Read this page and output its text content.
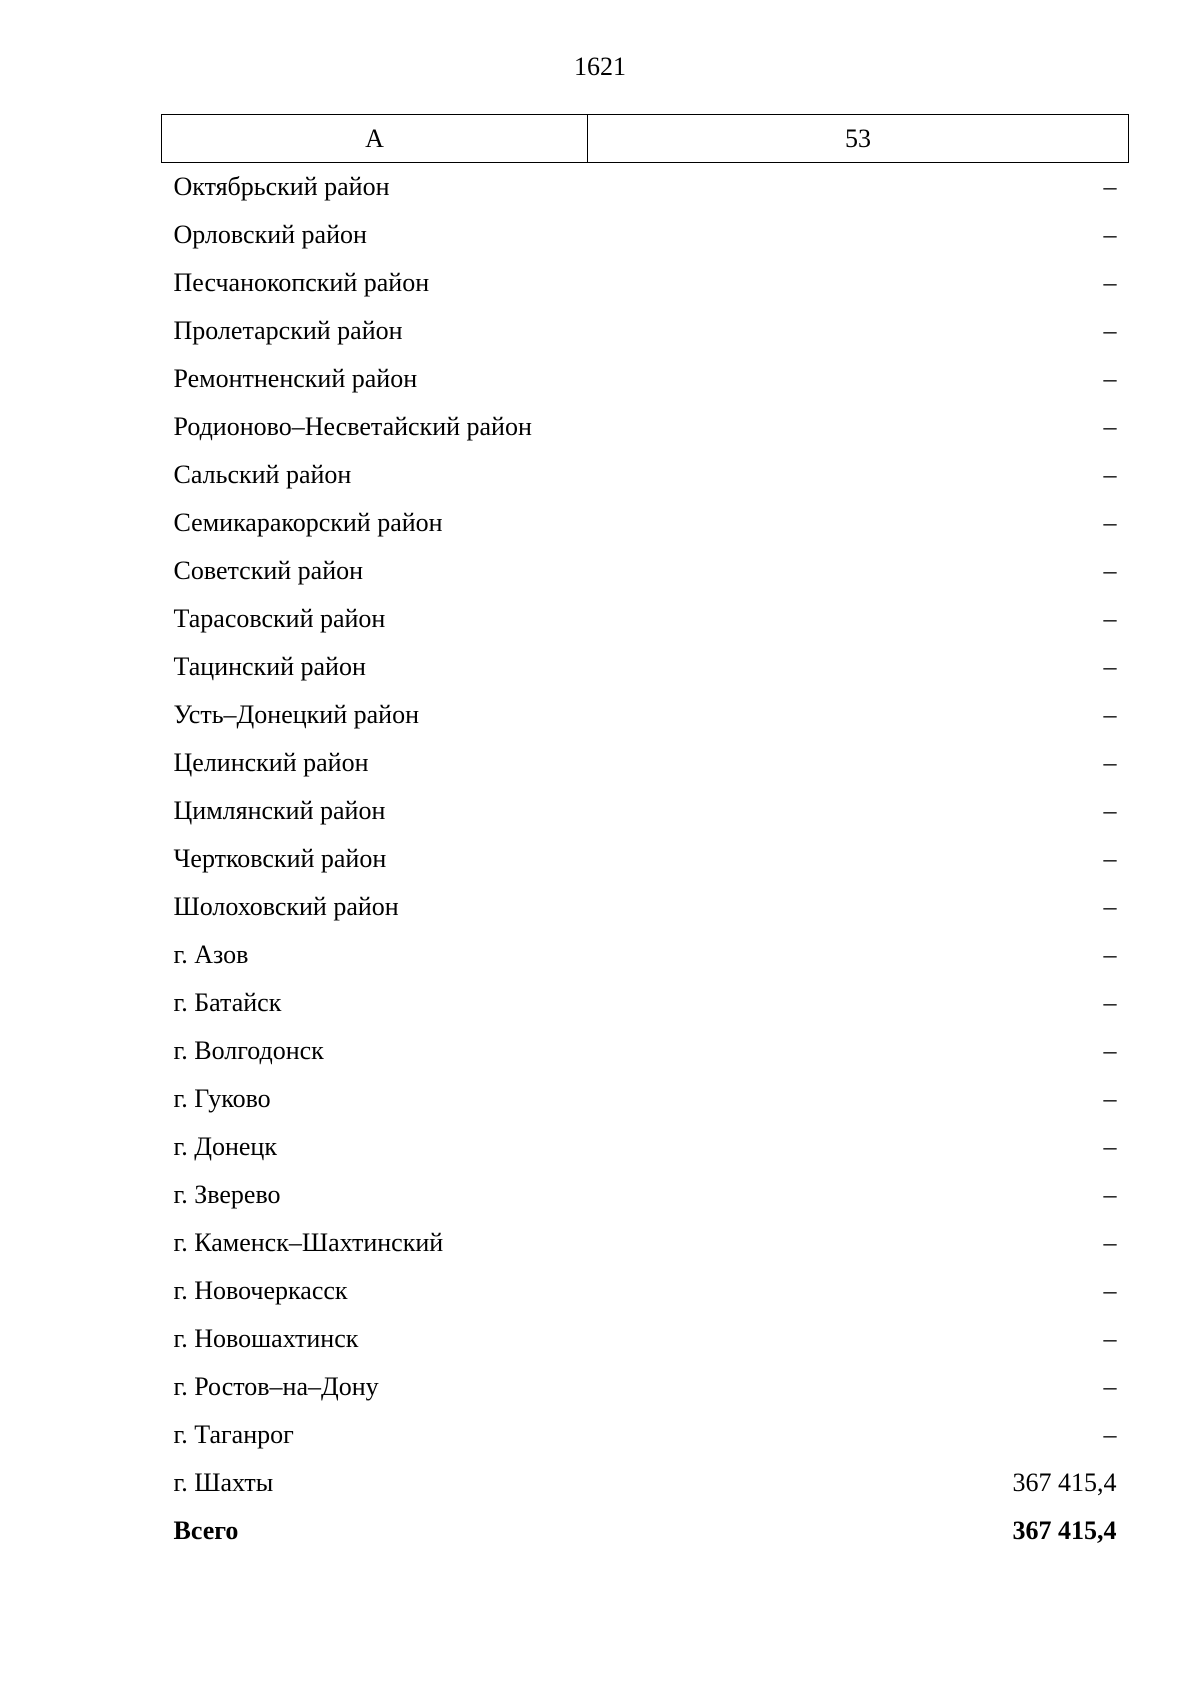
1621
А	53
Октябрьский район	–
Орловский район	–
Песчанокопский район	–
Пролетарский район	–
Ремонтненский район	–
Родионово–Несветайский район	–
Сальский район	–
Семикаракорский район	–
Советский район	–
Тарасовский район	–
Тацинский район	–
Усть–Донецкий район	–
Целинский район	–
Цимлянский район	–
Чертковский район	–
Шолоховский район	–
г. Азов	–
г. Батайск	–
г. Волгодонск	–
г. Гуково	–
г. Донецк	–
г. Зверево	–
г. Каменск–Шахтинский	–
г. Новочеркасск	–
г. Новошахтинск	–
г. Ростов–на–Дону	–
г. Таганрог	–
г. Шахты	367 415,4
Всего	367 415,4
